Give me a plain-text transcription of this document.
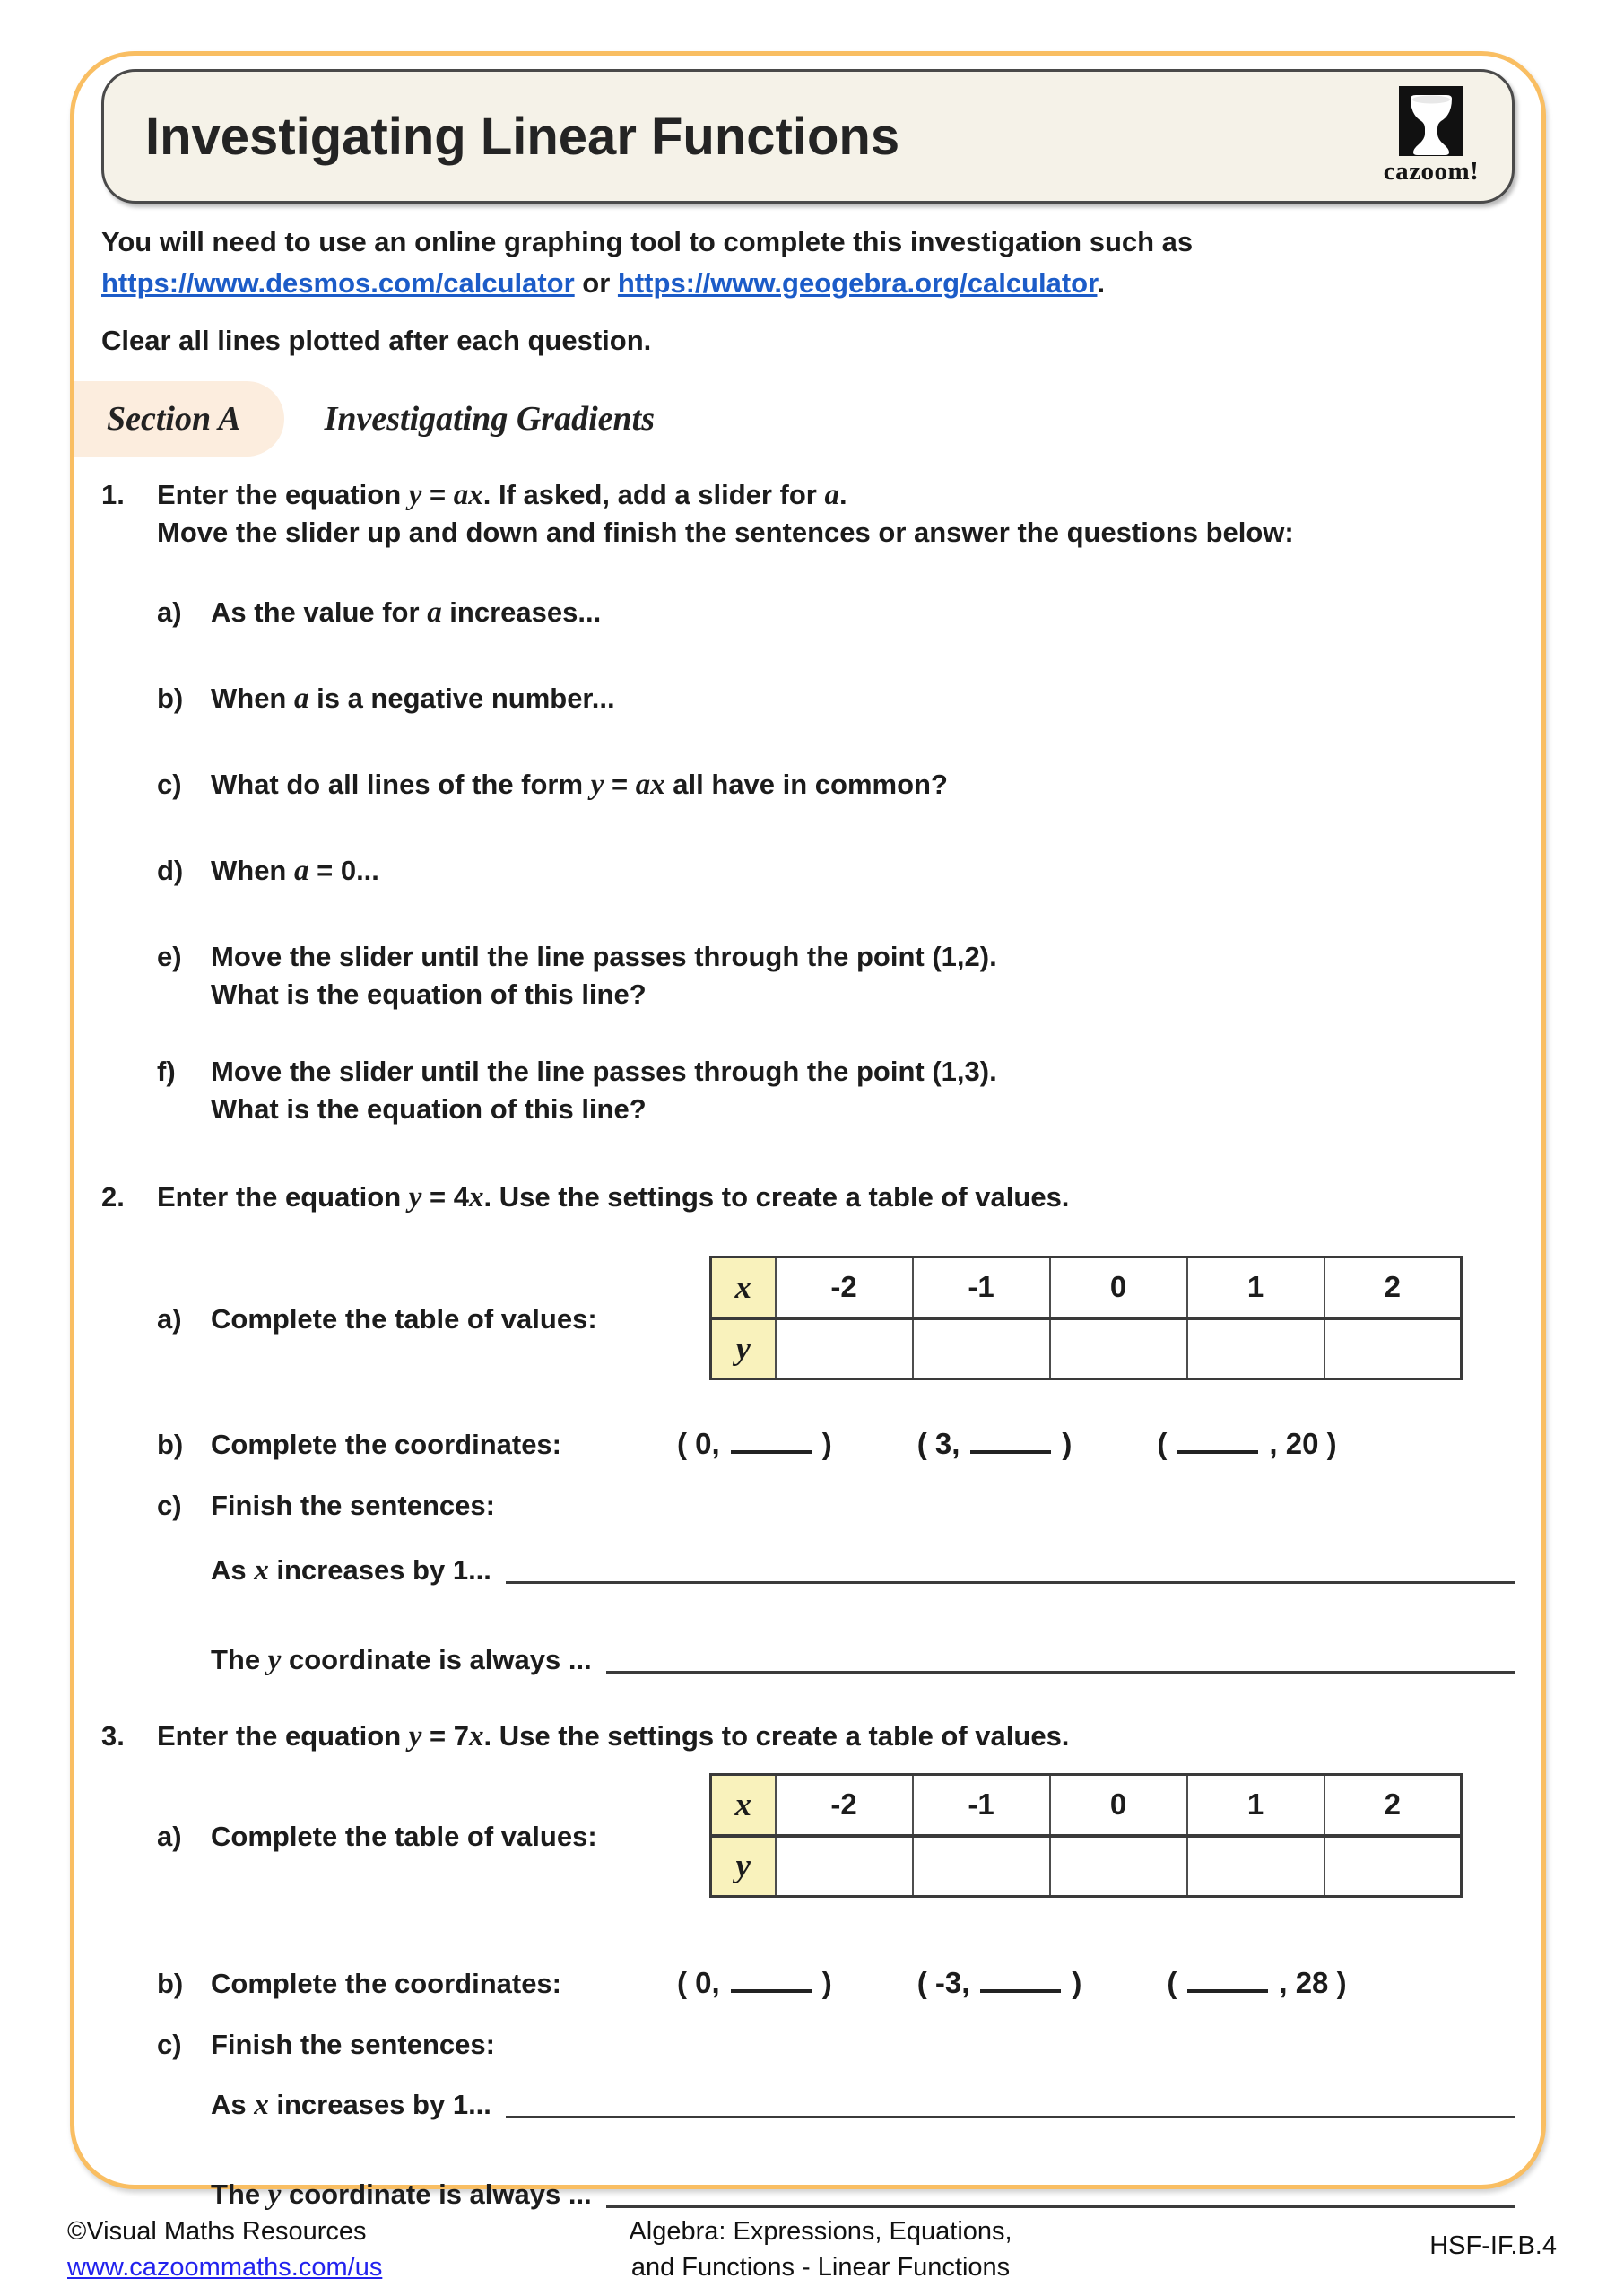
Investigating Linear Functions
cazoom!

You will need to use an online graphing tool to complete this investigation such as
https://www.desmos.com/calculator or https://www.geogebra.org/calculator.

Clear all lines plotted after each question.

Section A	Investigating Gradients
1.	Enter the equation y = ax. If asked, add a slider for a.
Move the slider up and down and finish the sentences or answer the questions below:
a)	As the value for a increases...
b) When a is a negative number...
c)	What do all lines of the form y = ax all have in common?
d) When a = 0...
e)	Move the slider until the line passes through the point (1,2).
What is the equation of this line?
f)	Move the slider until the line passes through the point (1,3).
What is the equation of this line?
2.	Enter the equation y = 4x. Use the settings to create a table of values.
a)	Complete the table of values:
x	-2	-1	0	1	2
y					
b) Complete the coordinates:	( 0,	)	( 3,	)	(	, 20 )
c)	Finish the sentences:
As x increases by 1...
The y coordinate is always ...
3.	Enter the equation y = 7x. Use the settings to create a table of values.
a)	Complete the table of values:
x	-2	-1	0	1	2
y					
b) Complete the coordinates:	( 0,	)	( -3,	)	(	, 28 )
c)	Finish the sentences:
As x increases by 1...
The y coordinate is always ...
©Visual Maths Resources
www.cazoommaths.com/us
Algebra: Expressions, Equations,
and Functions - Linear Functions
HSF-IF.B.4
